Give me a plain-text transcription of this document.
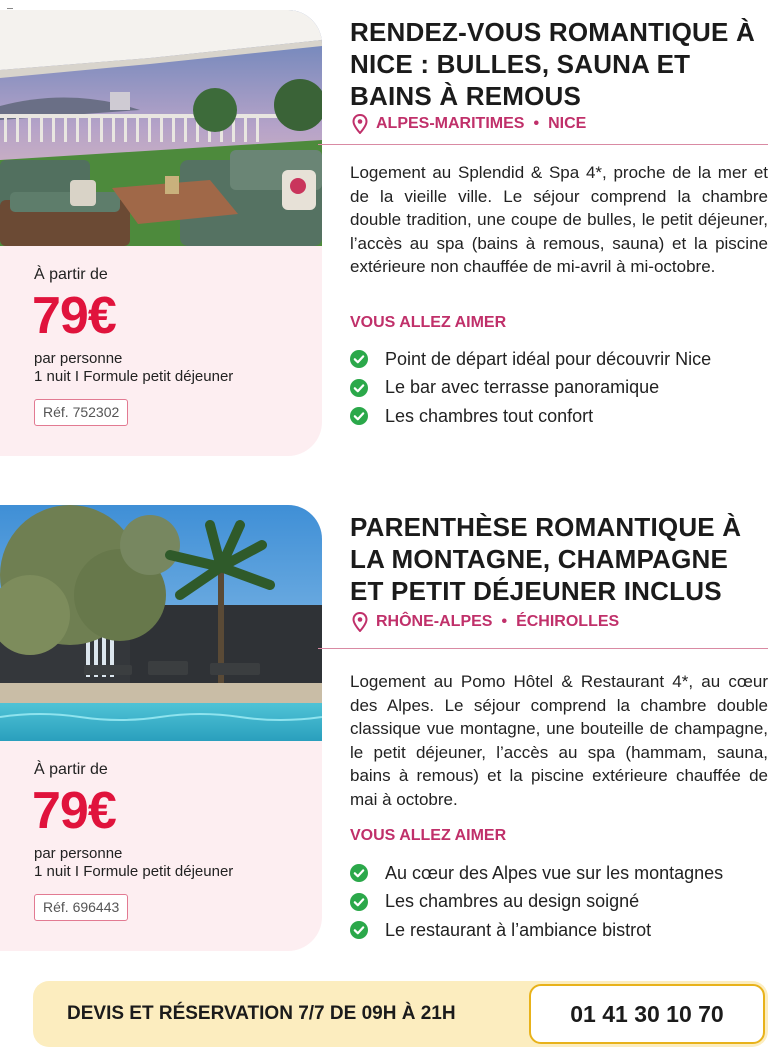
À partir de
79€
par personne
1 nuit I Formule petit déjeuner
Réf. 752302
RENDEZ-VOUS ROMANTIQUE À NICE : BULLES, SAUNA ET BAINS À REMOUS
ALPES-MARITIMES • NICE

Logement au Splendid & Spa 4*, proche de la mer et de la vieille ville. Le séjour comprend la chambre double tradition, une coupe de bulles, le petit déjeuner, l’accès au spa (bains à remous, sauna) et la piscine extérieure non chauffée de mi-avril à mi-octobre.

VOUS ALLEZ AIMER
Point de départ idéal pour découvrir Nice
Le bar avec terrasse panoramique
Les chambres tout confort
À partir de
79€
par personne
1 nuit I Formule petit déjeuner
Réf. 696443
PARENTHÈSE ROMANTIQUE À LA MONTAGNE, CHAMPAGNE ET PETIT DÉJEUNER INCLUS
RHÔNE-ALPES • ÉCHIROLLES

Logement au Pomo Hôtel & Restaurant 4*, au cœur des Alpes. Le séjour comprend la chambre double classique vue montagne, une bouteille de champagne, le petit déjeuner, l’accès au spa (hammam, sauna, bains à remous) et la piscine extérieure chauffée de mai à octobre.

VOUS ALLEZ AIMER
Au cœur des Alpes vue sur les montagnes
Les chambres au design soigné
Le restaurant à l’ambiance bistrot
DEVIS ET RÉSERVATION 7/7 DE 09H À 21H	01 41 30 10 70
